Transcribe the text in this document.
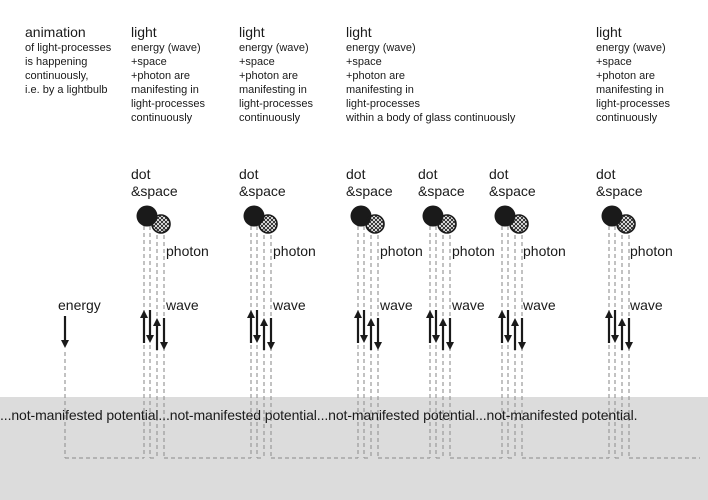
animation
of light-processes
is happening
continuously,
i.e. by a lightbulb
energy
light
energy (wave)
+space
+photon are
manifesting in
light-processes
continuously
light
energy (wave)
+space
+photon are
manifesting in
light-processes
continuously
light
energy (wave)
+space
+photon are
manifesting in
light-processes
within a body of glass continuously
light
energy (wave)
+space
+photon are
manifesting in
light-processes
continuously
dot
&space
photon
wave
dot
&space
photon
wave
dot
&space
photon
wave
dot
&space
photon
wave
dot
&space
photon
wave
dot
&space
photon
wave
...not-manifested potential...not-manifested potential...not-manifested potential...not-manifested potential.
